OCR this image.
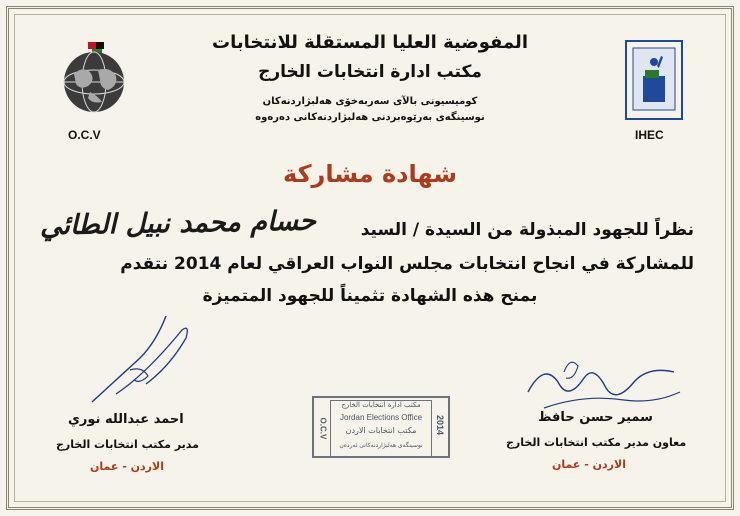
O.C.V	IHEC
المفوضية العليا المستقلة للانتخابات
مكتب ادارة انتخابات الخارج
كوميسيونى بالآى سەربەخۆى هەلبژاردنەكان
نوسينگەى بەرێوەبردنى هەلبژاردنەكانى دەرەوە
شهادة مشاركة
حسام محمد نبيل الطائي	نظراً للجهود المبذولة من السيدة / السيد
للمشاركة في انجاح انتخابات مجلس النواب العراقي لعام 2014 نتقدم
بمنح هذه الشهادة تثميناً للجهود المتميزة
احمد عبدالله نوري
مدير مكتب انتخابات الخارج
الاردن - عمان
مكتب ادارة انتخابات الخارج
Jordan Elections Office
مكتب انتخابات الاردن
نوسينگەى هەلبژاردنەكانى ئەردەن
O.C.V	2014	سمير حسن حافظ
معاون مدير مكتب انتخابات الخارج
الاردن - عمان
